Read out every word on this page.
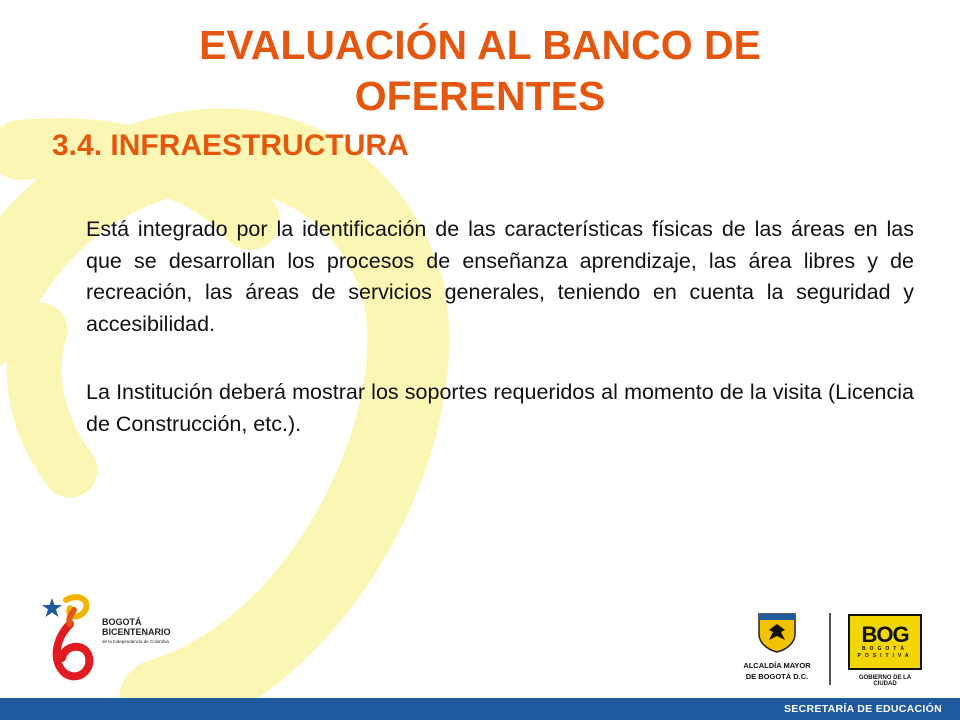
EVALUACIÓN AL BANCO DE
OFERENTES
3.4. INFRAESTRUCTURA

Está integrado por la identificación de las características físicas de las áreas en las que se desarrollan los procesos de enseñanza aprendizaje, las área libres y de recreación, las áreas de servicios generales, teniendo en cuenta la seguridad y accesibilidad.

La Institución deberá mostrar los soportes requeridos al momento de la visita (Licencia de Construcción, etc.).

BOGOTÁ
BICENTENARIO
de la Independencia de Colombia
ALCALDÍA MAYOR
DE BOGOTÁ D.C.
BOG
BOGOTÁ
POSITIVA
GOBIERNO DE LA CIUDAD
SECRETARÍA DE EDUCACIÓN
